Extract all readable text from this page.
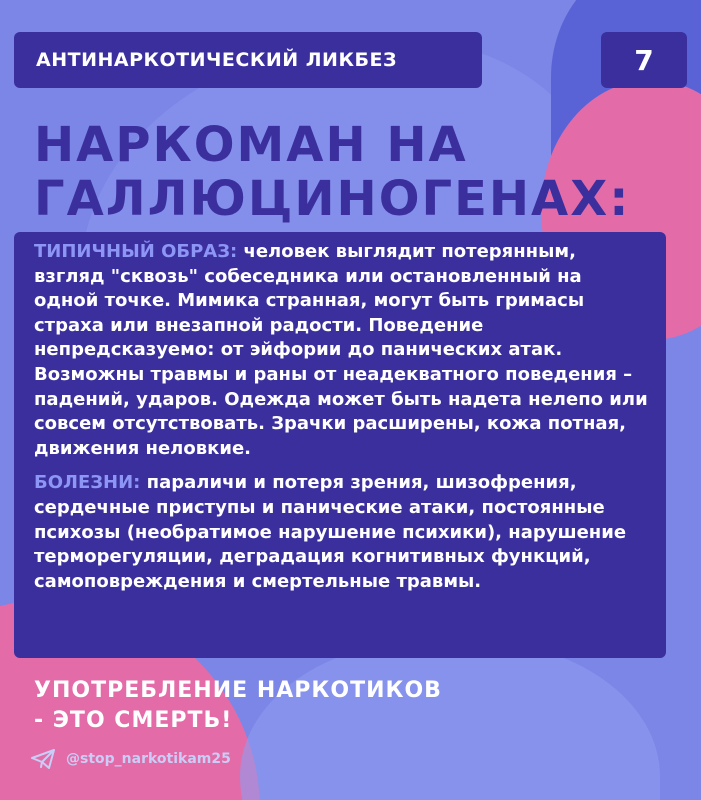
АНТИНАРКОТИЧЕСКИЙ ЛИКБЕЗ	7
НАРКОМАН НА
ГАЛЛЮЦИНОГЕНАХ:

ТИПИЧНЫЙ ОБРАЗ: человек выглядит потерянным, взгляд "сквозь" собеседника или остановленный на одной точке. Мимика странная, могут быть гримасы страха или внезапной радости. Поведение непредсказуемо: от эйфории до панических атак. Возможны травмы и раны от неадекватного поведения – падений, ударов. Одежда может быть надета нелепо или совсем отсутствовать. Зрачки расширены, кожа потная, движения неловкие.

БОЛЕЗНИ: параличи и потеря зрения, шизофрения, сердечные приступы и панические атаки, постоянные психозы (необратимое нарушение психики), нарушение терморегуляции, деградация когнитивных функций, самоповреждения и смертельные травмы.

УПОТРЕБЛЕНИЕ НАРКОТИКОВ
- ЭТО СМЕРТЬ!

@stop_narkotikam25
